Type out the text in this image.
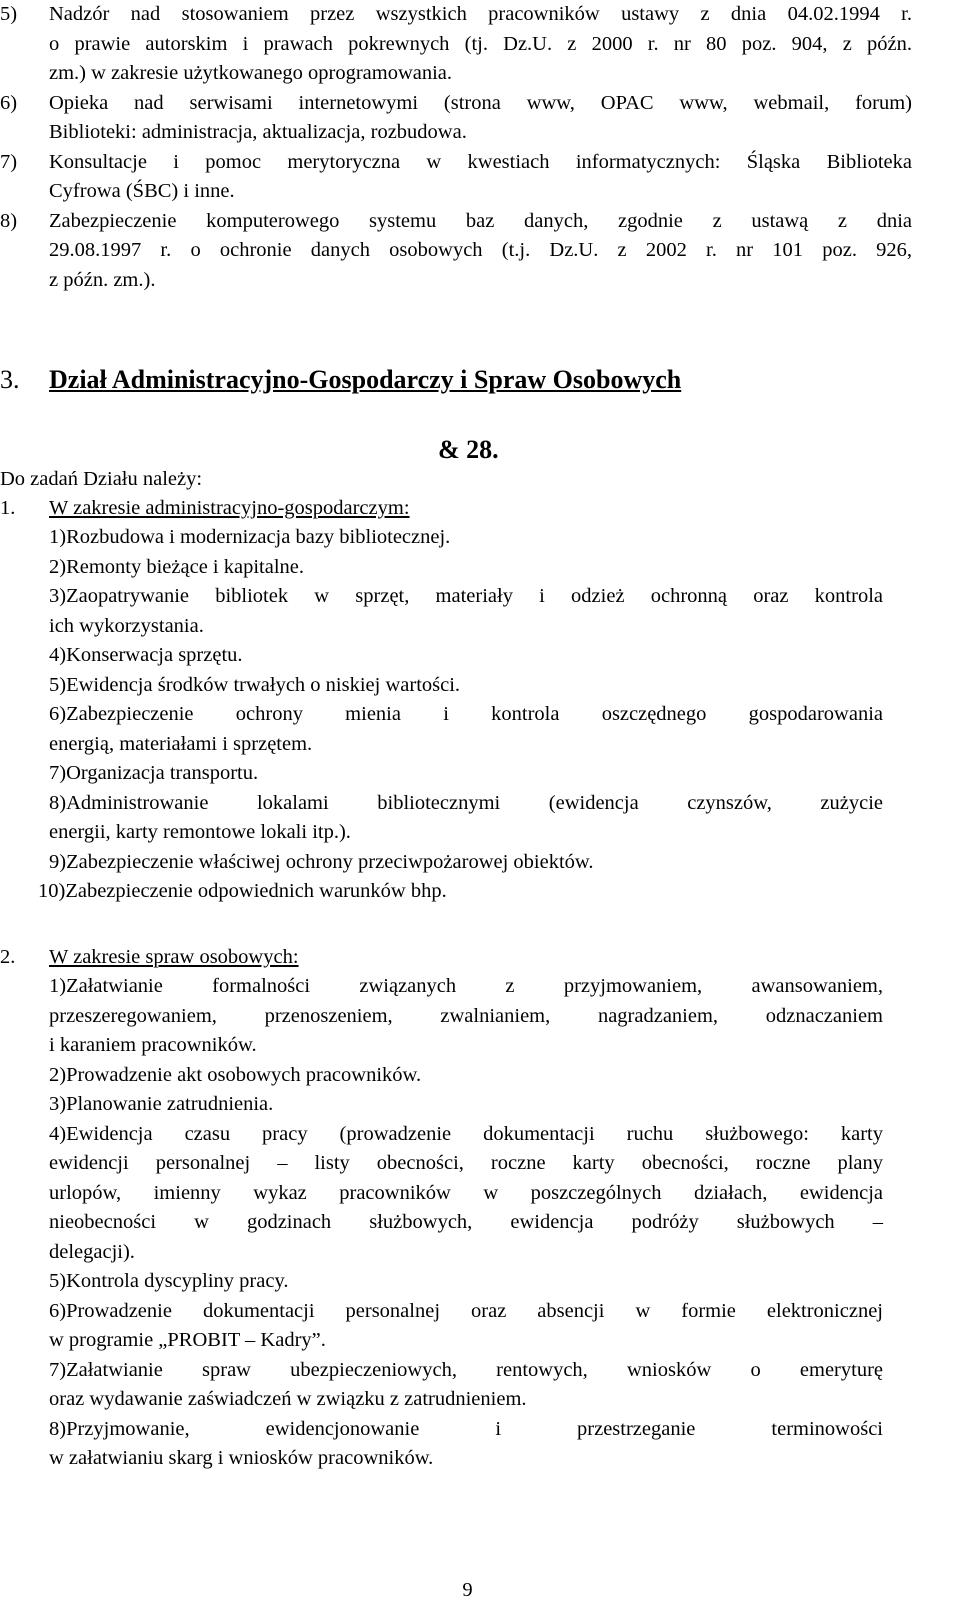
5) Nadzór nad stosowaniem przez wszystkich pracowników ustawy z dnia 04.02.1994 r.
o prawie autorskim i prawach pokrewnych (tj. Dz.U. z 2000 r. nr 80 poz. 904, z późn.
zm.) w zakresie użytkowanego oprogramowania.
6) Opieka nad serwisami internetowymi (strona www, OPAC www, webmail, forum)
Biblioteki: administracja, aktualizacja, rozbudowa.
7) Konsultacje i pomoc merytoryczna w kwestiach informatycznych: Śląska Biblioteka
Cyfrowa (ŚBC) i inne.
8) Zabezpieczenie komputerowego systemu baz danych, zgodnie z ustawą z dnia
29.08.1997 r. o ochronie danych osobowych (t.j. Dz.U. z 2002 r. nr 101 poz. 926,
z późn. zm.).
3. Dział Administracyjno-Gospodarczy i Spraw Osobowych
& 28.
Do zadań Działu należy:
1. W zakresie administracyjno-gospodarczym:
1)Rozbudowa i modernizacja bazy bibliotecznej.
2)Remonty bieżące i kapitalne.
3)Zaopatrywanie bibliotek w sprzęt, materiały i odzież ochronną oraz kontrola
ich wykorzystania.
4)Konserwacja sprzętu.
5)Ewidencja środków trwałych o niskiej wartości.
6)Zabezpieczenie ochrony mienia i kontrola oszczędnego gospodarowania
energią, materiałami i sprzętem.
7)Organizacja transportu.
8)Administrowanie lokalami bibliotecznymi (ewidencja czynszów, zużycie
energii, karty remontowe lokali itp.).
9)Zabezpieczenie właściwej ochrony przeciwpożarowej obiektów.
10)Zabezpieczenie odpowiednich warunków bhp.
2. W zakresie spraw osobowych:
1)Załatwianie formalności związanych z przyjmowaniem, awansowaniem,
przeszeregowaniem, przenoszeniem, zwalnianiem, nagradzaniem, odznaczaniem
i karaniem pracowników.
2)Prowadzenie akt osobowych pracowników.
3)Planowanie zatrudnienia.
4)Ewidencja czasu pracy (prowadzenie dokumentacji ruchu służbowego: karty
ewidencji personalnej – listy obecności, roczne karty obecności, roczne plany
urlopów, imienny wykaz pracowników w poszczególnych działach, ewidencja
nieobecności w godzinach służbowych, ewidencja podróży służbowych –
delegacji).
5)Kontrola dyscypliny pracy.
6)Prowadzenie dokumentacji personalnej oraz absencji w formie elektronicznej
w programie „PROBIT – Kadry”.
7)Załatwianie spraw ubezpieczeniowych, rentowych, wniosków o emeryturę
oraz wydawanie zaświadczeń w związku z zatrudnieniem.
8)Przyjmowanie, ewidencjonowanie i przestrzeganie terminowości
w załatwianiu skarg i wniosków pracowników.
9
